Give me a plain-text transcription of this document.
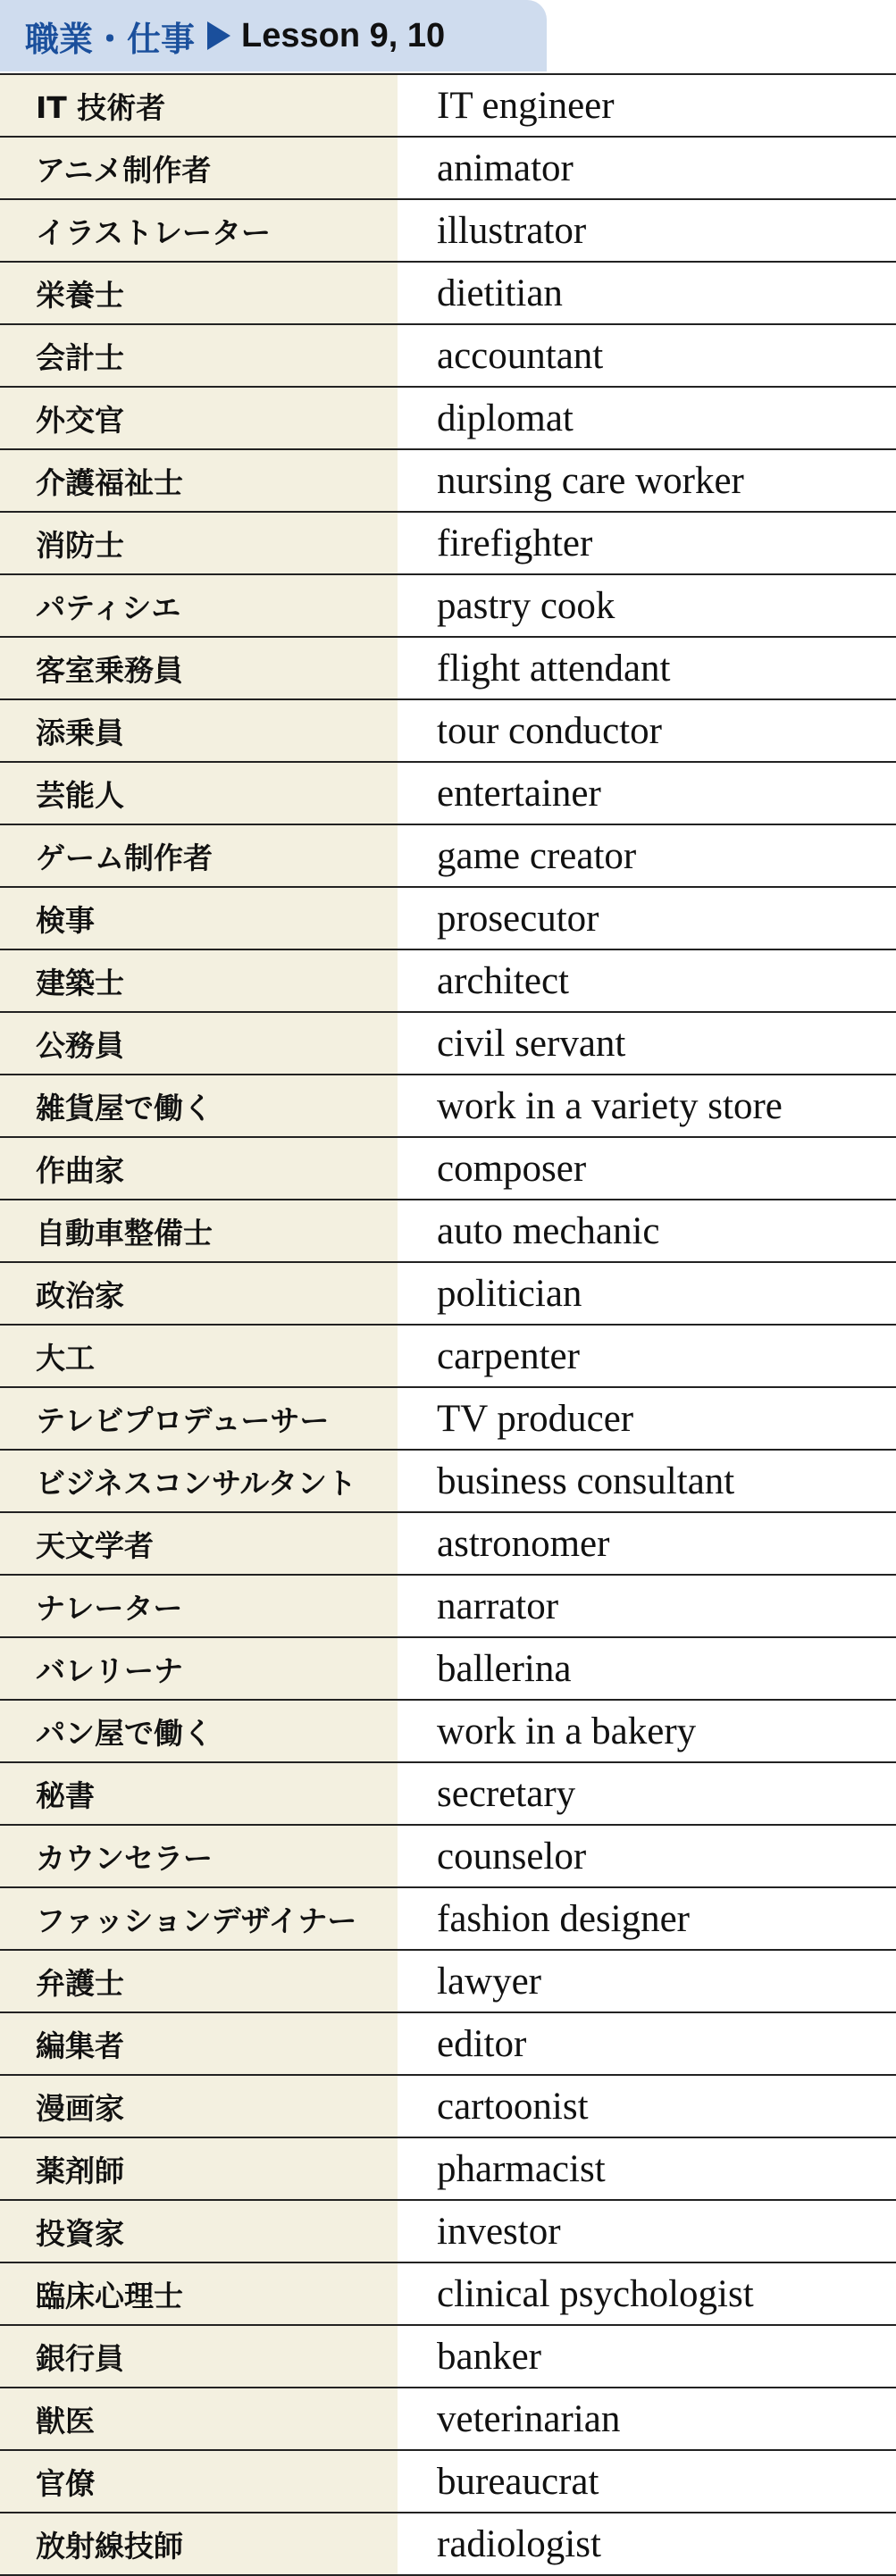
職業・仕事 Lesson 9, 10
IT 技術者	IT engineer
アニメ制作者	animator
イラストレーター	illustrator
栄養士	dietitian
会計士	accountant
外交官	diplomat
介護福祉士	nursing care worker
消防士	firefighter
パティシエ	pastry cook
客室乗務員	flight attendant
添乗員	tour conductor
芸能人	entertainer
ゲーム制作者	game creator
検事	prosecutor
建築士	architect
公務員	civil servant
雑貨屋で働く	work in a variety store
作曲家	composer
自動車整備士	auto mechanic
政治家	politician
大工	carpenter
テレビプロデューサー	TV producer
ビジネスコンサルタント	business consultant
天文学者	astronomer
ナレーター	narrator
バレリーナ	ballerina
パン屋で働く	work in a bakery
秘書	secretary
カウンセラー	counselor
ファッションデザイナー	fashion designer
弁護士	lawyer
編集者	editor
漫画家	cartoonist
薬剤師	pharmacist
投資家	investor
臨床心理士	clinical psychologist
銀行員	banker
獣医	veterinarian
官僚	bureaucrat
放射線技師	radiologist
